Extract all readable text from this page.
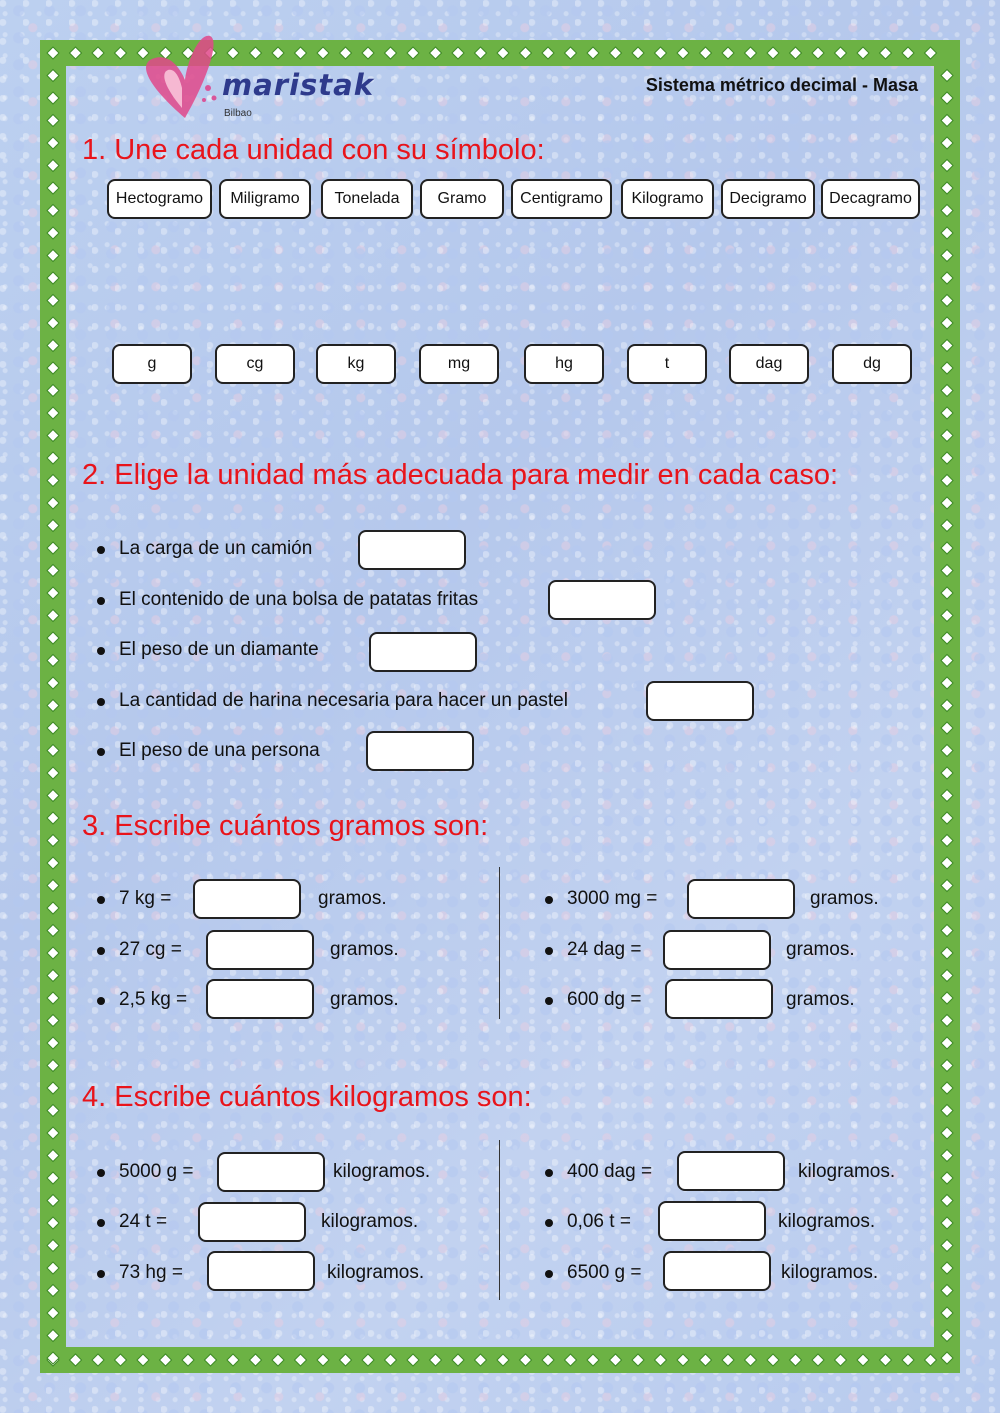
maristak
Bilbao
Sistema métrico decimal - Masa
1. Une cada unidad con su símbolo:
Hectogramo	Miligramo	Tonelada	Gramo	Centigramo	Kilogramo	Decigramo	Decagramo
g	cg	kg	mg	hg	t	dag	dg
2. Elige la unidad más adecuada para medir en cada caso:
La carga de un camión
El contenido de una bolsa de patatas fritas
El peso de un diamante
La cantidad de harina necesaria para hacer un pastel
El peso de una persona
3. Escribe cuántos gramos son:
7 kg =	gramos.
27 cg =	gramos.
2,5 kg =	gramos.
3000 mg =	gramos.
24 dag =	gramos.
600 dg =	gramos.
4. Escribe cuántos kilogramos son:
5000 g =	kilogramos.
24 t =	kilogramos.
73 hg =	kilogramos.
400 dag =	kilogramos.
0,06 t =	kilogramos.
6500 g =	kilogramos.
